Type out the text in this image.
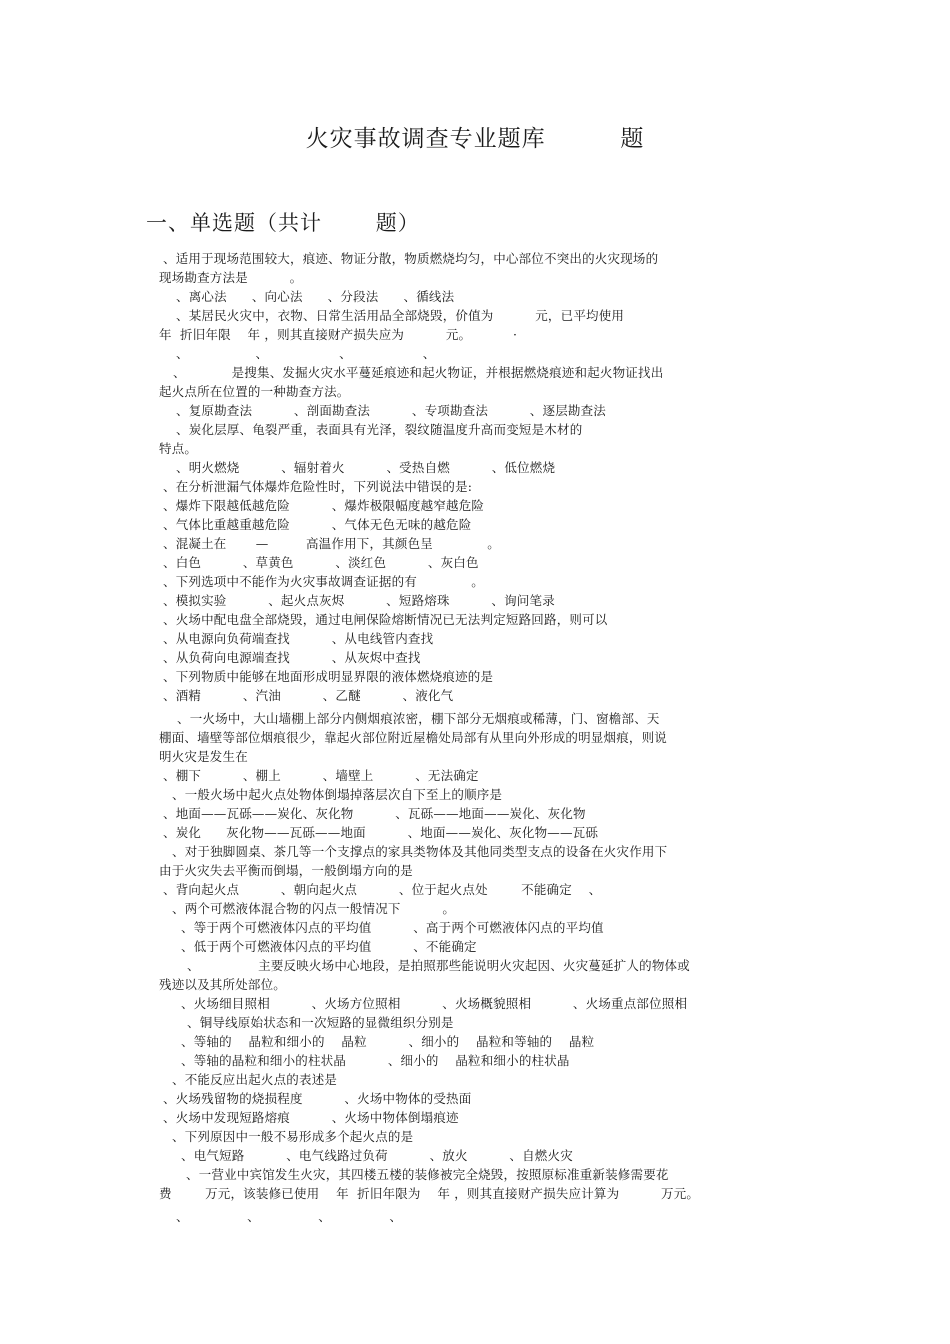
火灾事故调查专业题库         题
一、单选题（共计       题）
、适用于现场范围较大，痕迹、物证分散，物质燃烧均匀，中心部位不突出的火灾现场的
现场勘查方法是          。
、离心法      、向心法      、分段法      、循线法
、某居民火灾中，衣物、日常生活用品全部烧毁，价值为          元，已平均使用
年  折旧年限    年 ，则其直接财产损失应为          元。          ·
、                、                 、                 、
、           是搜集、发掘火灾水平蔓延痕迹和起火物证，并根据燃烧痕迹和起火物证找出
起火点所在位置的一种勘查方法。
、复原勘查法          、剖面勘查法          、专项勘查法          、逐层勘查法
、炭化层厚、龟裂严重，表面具有光泽，裂纹随温度升高而变短是木材的
特点。
、明火燃烧          、辐射着火          、受热自燃          、低位燃烧
、在分析泄漏气体爆炸危险性时，下列说法中错误的是:
、爆炸下限越低越危险          、爆炸极限幅度越窄越危险
、气体比重越重越危险          、气体无色无味的越危险
、混凝土在       —         高温作用下，其颜色呈             。
、白色          、草黄色          、淡红色          、灰白色
、下列选项中不能作为火灾事故调查证据的有             。
、模拟实验          、起火点灰烬          、短路熔珠          、询问笔录
、火场中配电盘全部烧毁，通过电闸保险熔断情况已无法判定短路回路，则可以
、从电源向负荷端查找          、从电线管内查找
、从负荷向电源端查找          、从灰烬中查找
、下列物质中能够在地面形成明显界限的液体燃烧痕迹的是
、酒精          、汽油          、乙醚          、液化气
、一火场中，大山墙棚上部分内侧烟痕浓密，棚下部分无烟痕或稀薄，门、窗檐部、天
棚面、墙壁等部位烟痕很少，靠起火部位附近屋檐处局部有从里向外形成的明显烟痕，则说
明火灾是发生在
、棚下          、棚上          、墙壁上          、无法确定
、一般火场中起火点处物体倒塌掉落层次自下至上的顺序是
、地面——瓦砾——炭化、灰化物          、瓦砾——地面——炭化、灰化物
、炭化      灰化物——瓦砾——地面          、地面——炭化、灰化物——瓦砾
、对于独脚圆桌、茶几等一个支撑点的家具类物体及其他同类型支点的设备在火灾作用下
由于火灾失去平衡而倒塌，一般倒塌方向的是
、背向起火点          、朝向起火点          、位于起火点处        不能确定    、
、两个可燃液体混合物的闪点一般情况下          。
、等于两个可燃液体闪点的平均值          、高于两个可燃液体闪点的平均值
、低于两个可燃液体闪点的平均值          、不能确定
、              主要反映火场中心地段，是拍照那些能说明火灾起因、火灾蔓延扩人的物体或
残迹以及其所处部位。
、火场细目照相          、火场方位照相          、火场概貌照相          、火场重点部位照相
、铜导线原始状态和一次短路的显微组织分别是
、等轴的    晶粒和细小的    晶粒          、细小的    晶粒和等轴的    晶粒
、等轴的晶粒和细小的柱状晶          、细小的    晶粒和细小的柱状晶
、不能反应出起火点的表述是
、火场残留物的烧损程度          、火场中物体的受热面
、火场中发现短路熔痕          、火场中物体倒塌痕迹
、下列原因中一般不易形成多个起火点的是
、电气短路          、电气线路过负荷          、放火          、自燃火灾
、一营业中宾馆发生火灾，其四楼五楼的装修被完全烧毁，按照原标准重新装修需要花
费        万元，该装修已使用    年  折旧年限为    年 ，则其直接财产损失应计算为          万元。
、              、              、              、
